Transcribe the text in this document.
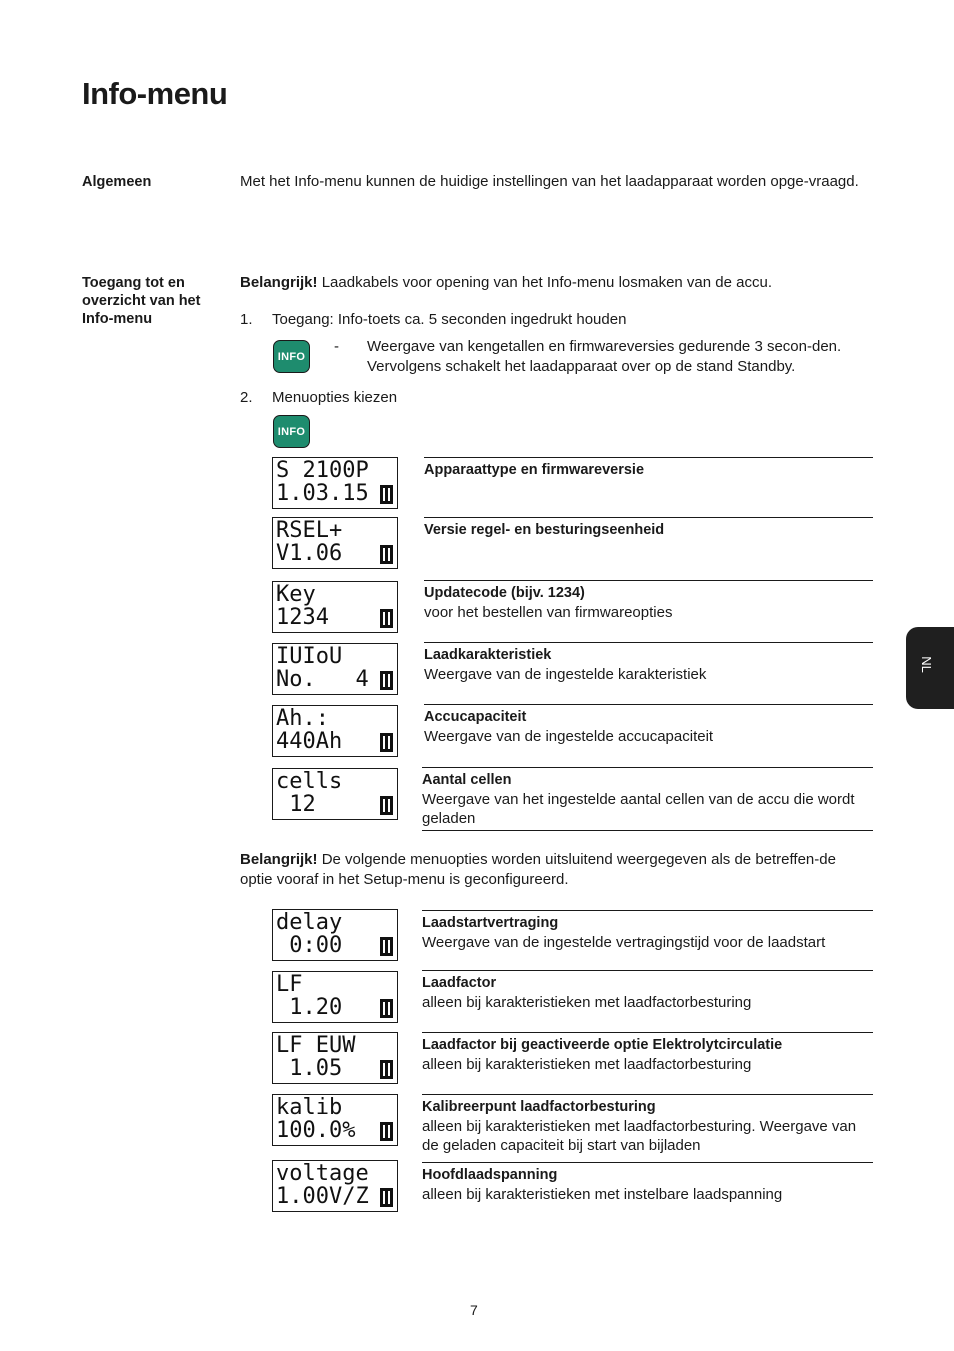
Info-menu
Algemeen	Met het Info-menu kunnen de huidige instellingen van het laadapparaat worden opge-vraagd.
Toegang tot en overzicht van het Info-menu
Belangrijk! Laadkabels voor opening van het Info-menu losmaken van de accu.
1. Toegang: Info-toets ca. 5 seconden ingedrukt houden
INFO
- Weergave van kengetallen en firmwareversies gedurende 3 secon-den. Vervolgens schakelt het laadapparaat over op de stand Standby.
2. Menuopties kiezen
INFO
S 2100P
1.03.15
Apparaattype en firmwareversie
RSEL+
V1.06
Versie regel- en besturingseenheid
Key
1234
Updatecode (bijv. 1234)
voor het bestellen van firmwareopties
IUIoU
No.   4
Laadkarakteristiek
Weergave van de ingestelde karakteristiek
Ah.:
440Ah
Accucapaciteit
Weergave van de ingestelde accucapaciteit
cells
12
Aantal cellen
Weergave van het ingestelde aantal cellen van de accu die wordt geladen
Belangrijk! De volgende menuopties worden uitsluitend weergegeven als de betreffen-de optie vooraf in het Setup-menu is geconfigureerd.
delay
0:00
Laadstartvertraging
Weergave van de ingestelde vertragingstijd voor de laadstart
LF
1.20
Laadfactor
alleen bij karakteristieken met laadfactorbesturing
LF EUW
1.05
Laadfactor bij geactiveerde optie Elektrolytcirculatie
alleen bij karakteristieken met laadfactorbesturing
kalib
100.0%
Kalibreerpunt laadfactorbesturing
alleen bij karakteristieken met laadfactorbesturing. Weergave van de geladen capaciteit bij start van bijladen
voltage
1.00V/Z
Hoofdlaadspanning
alleen bij karakteristieken met instelbare laadspanning
NL
7
